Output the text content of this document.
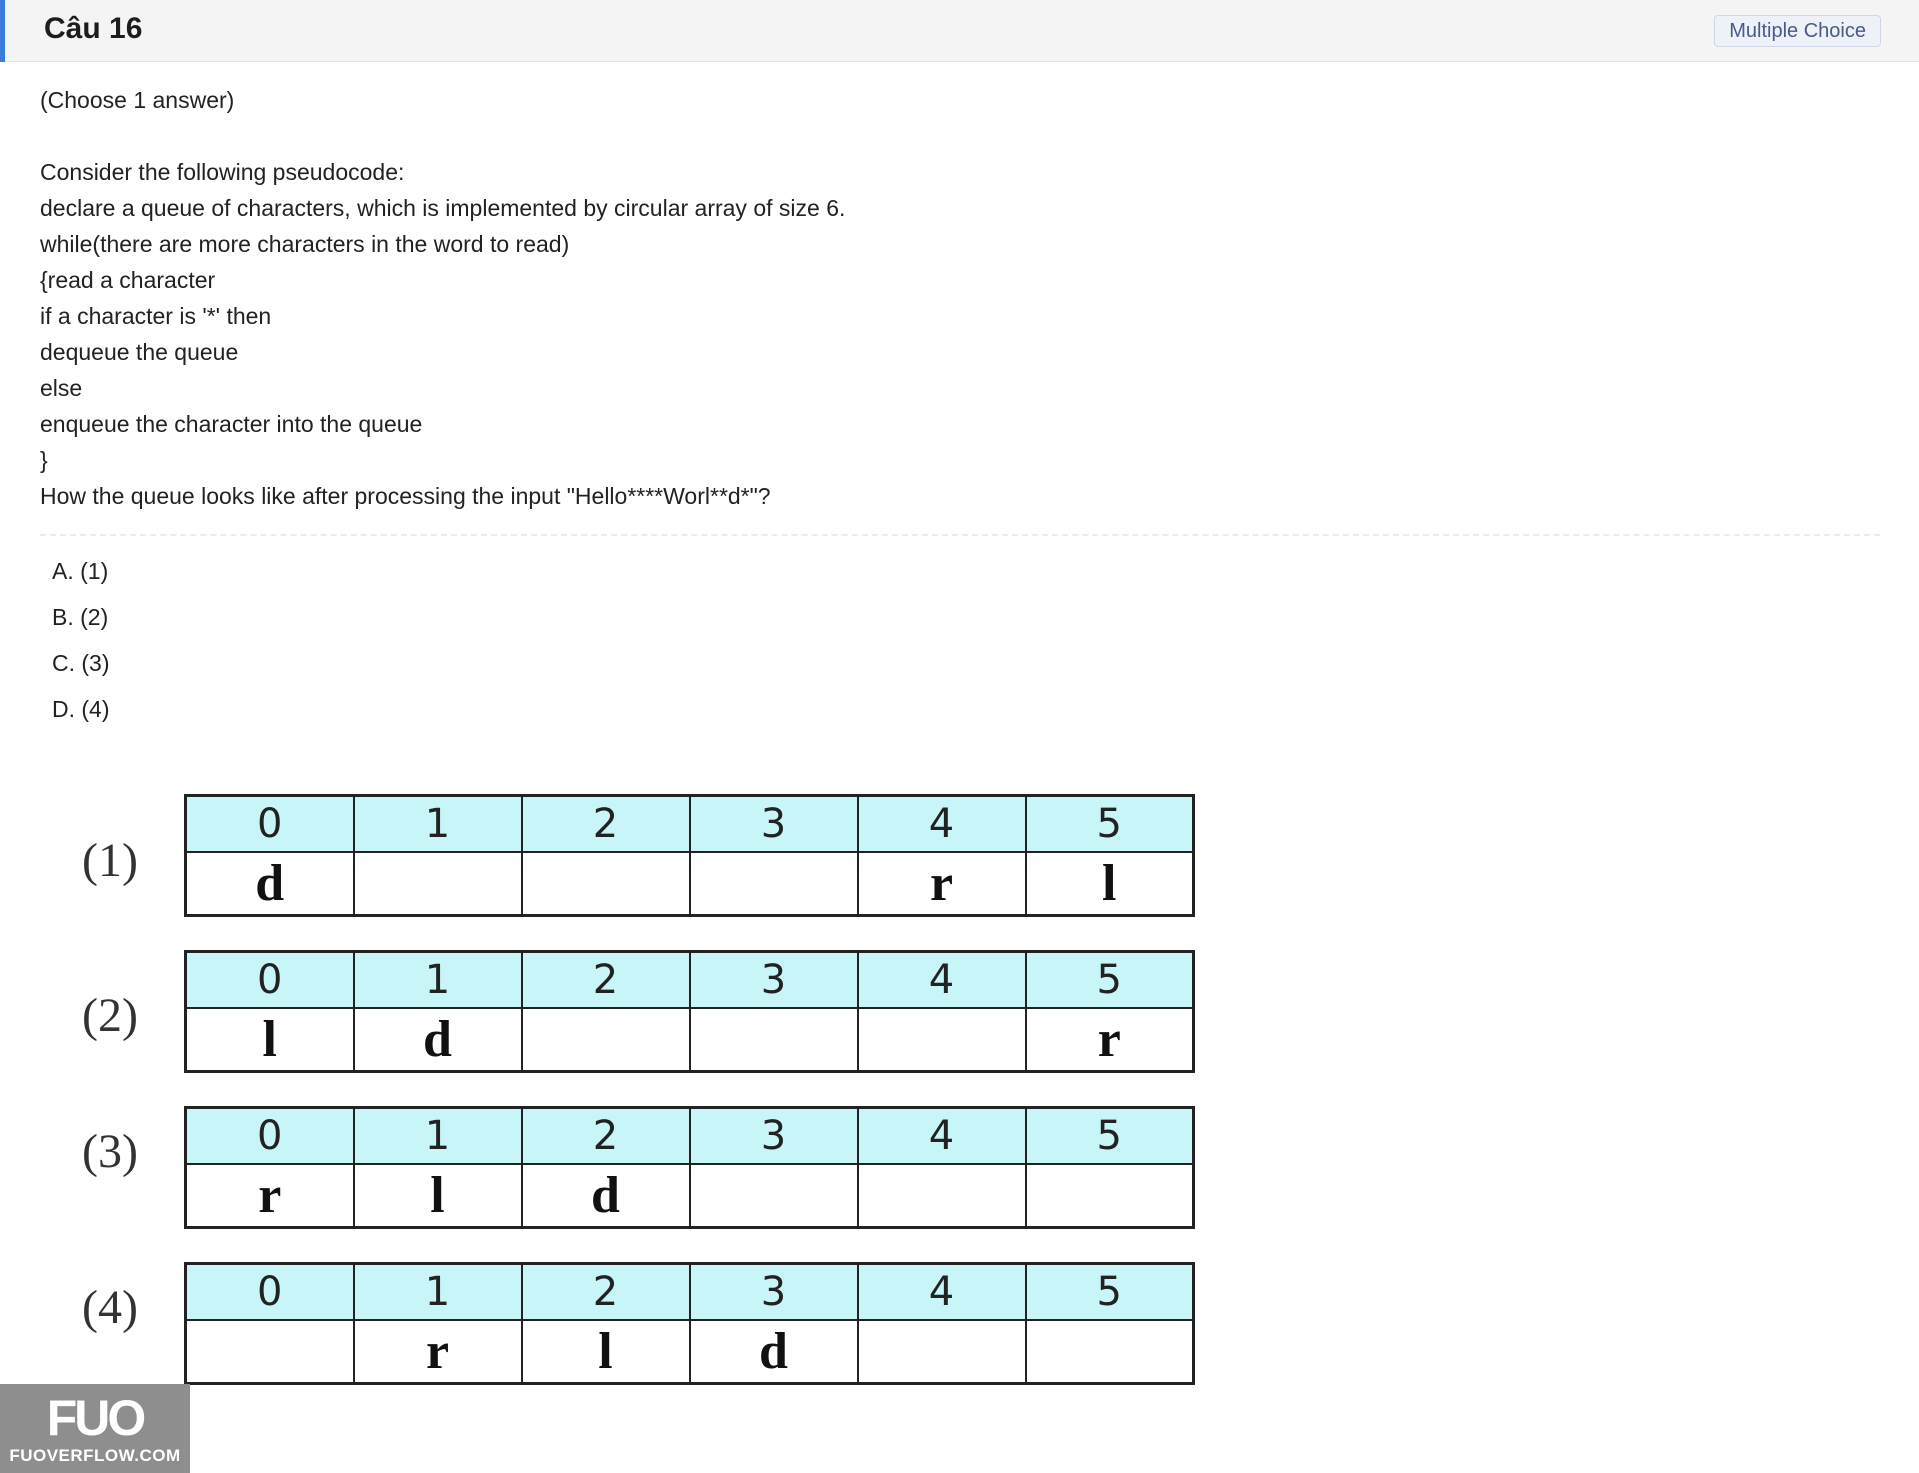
Câu 16	Multiple Choice

(Choose 1 answer)

Consider the following pseudocode:
declare a queue of characters, which is implemented by circular array of size 6.
while(there are more characters in the word to read)
{read a character
if a character is '*' then
dequeue the queue
else
enqueue the character into the queue
}
How the queue looks like after processing the input "Hello****Worl**d*"?
A. (1)
B. (2)
C. (3)
D. (4)
(1)
0	1	2	3	4	5
d				r	l
(2)
0	1	2	3	4	5
l	d				r
(3)	0	1	2	3	4	5
r	l	d			
(4)	0	1	2	3	4	5
	r	l	d		
FUO
FUOVERFLOW.COM
